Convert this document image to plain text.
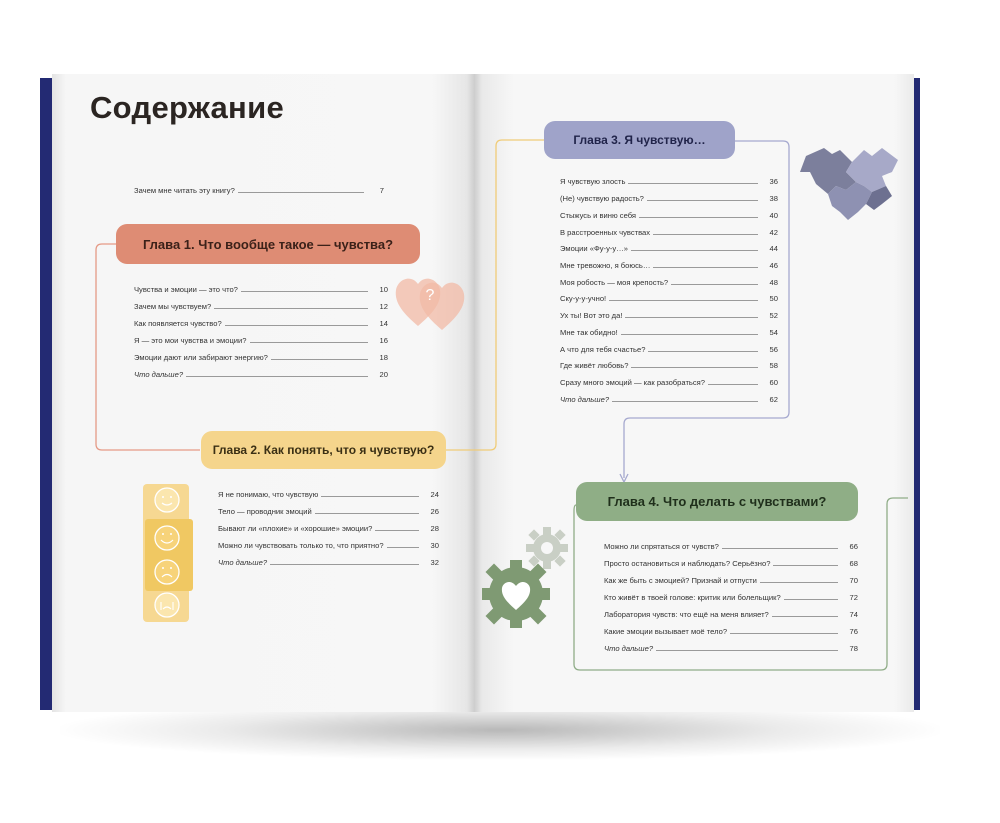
?
Содержание
Зачем мне читать эту книгу?	7
Глава 1. Что вообще такое — чувства?
Глава 2. Как понять, что я чувствую?
Глава 3. Я чувствую…
Глава 4. Что делать с чувствами?
Чувства и эмоции — это что?	10
Зачем мы чувствуем?	12
Как появляется чувство?	14
Я — это мои чувства и эмоции?	16
Эмоции дают или забирают энергию?	18
Что дальше?	20
Я не понимаю, что чувствую	24
Тело — проводник эмоций	26
Бывают ли «плохие» и «хорошие» эмоции?	28
Можно ли чувствовать только то, что приятно?	30
Что дальше?	32
Я чувствую злость	36
(Не) чувствую радость?	38
Стыжусь и виню себя	40
В расстроенных чувствах	42
Эмоции «Фу-у-у…»	44
Мне тревожно, я боюсь…	46
Моя робость — моя крепость?	48
Ску-у-у-учно!	50
Ух ты! Вот это да!	52
Мне так обидно!	54
А что для тебя счастье?	56
Где живёт любовь?	58
Сразу много эмоций — как разобраться?	60
Что дальше?	62
Можно ли спрятаться от чувств?	66
Просто остановиться и наблюдать? Серьёзно?	68
Как же быть с эмоцией? Признай и отпусти	70
Кто живёт в твоей голове: критик или болельщик?	72
Лаборатория чувств: что ещё на меня влияет?	74
Какие эмоции вызывает моё тело?	76
Что дальше?	78
